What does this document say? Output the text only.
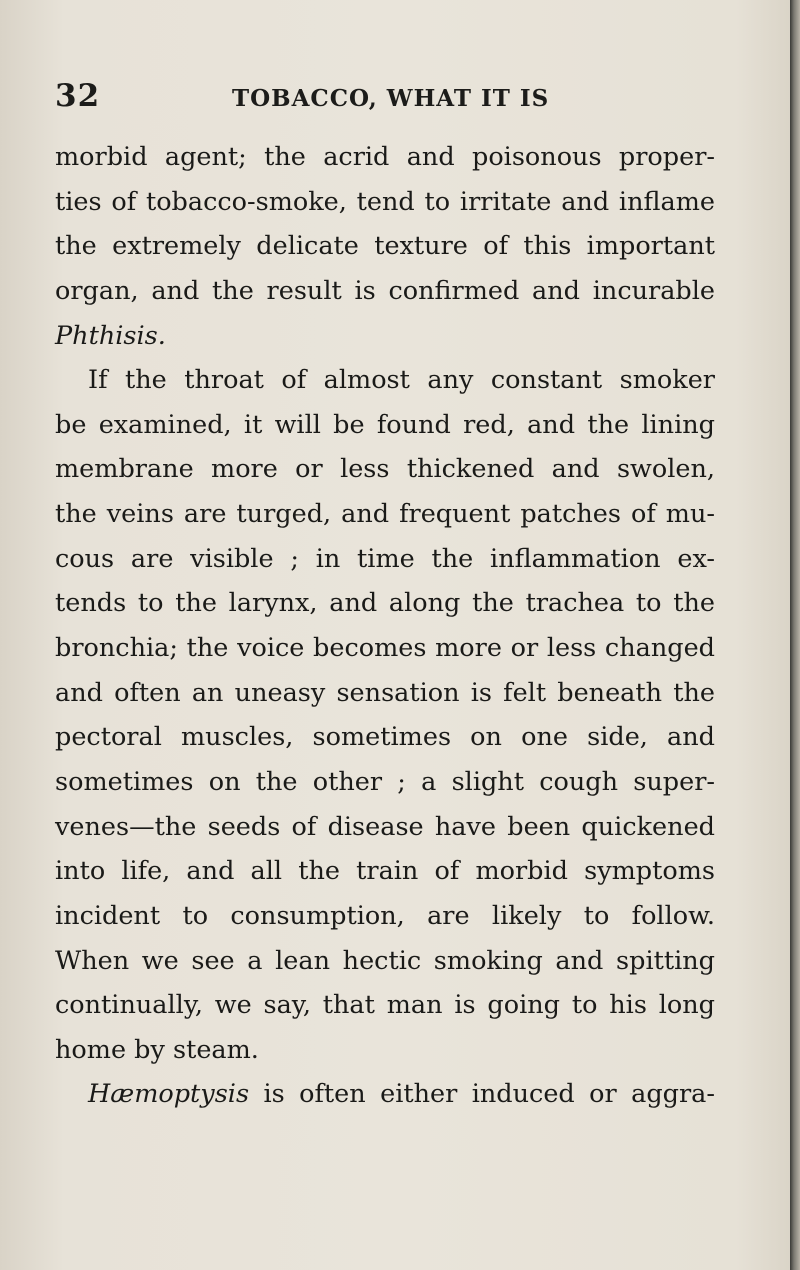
32	TOBACCO, WHAT IT IS
morbid agent; the acrid and poisonous proper-
ties of tobacco-smoke, tend to irritate and inflame
the extremely delicate texture of this important
organ, and the result is confirmed and incurable
Phthisis.
If the throat of almost any constant smoker
be examined, it will be found red, and the lining
membrane more or less thickened and swolen,
the veins are turged, and frequent patches of mu-
cous are visible ; in time the inflammation ex-
tends to the larynx, and along the trachea to the
bronchia; the voice becomes more or less changed
and often an uneasy sensation is felt beneath the
pectoral muscles, sometimes on one side, and
sometimes on the other ; a slight cough super-
venes—the seeds of disease have been quickened
into life, and all the train of morbid symptoms
incident to consumption, are likely to follow.
When we see a lean hectic smoking and spitting
continually, we say, that man is going to his long
home by steam.
Hæmoptysis is often either induced or aggra-
